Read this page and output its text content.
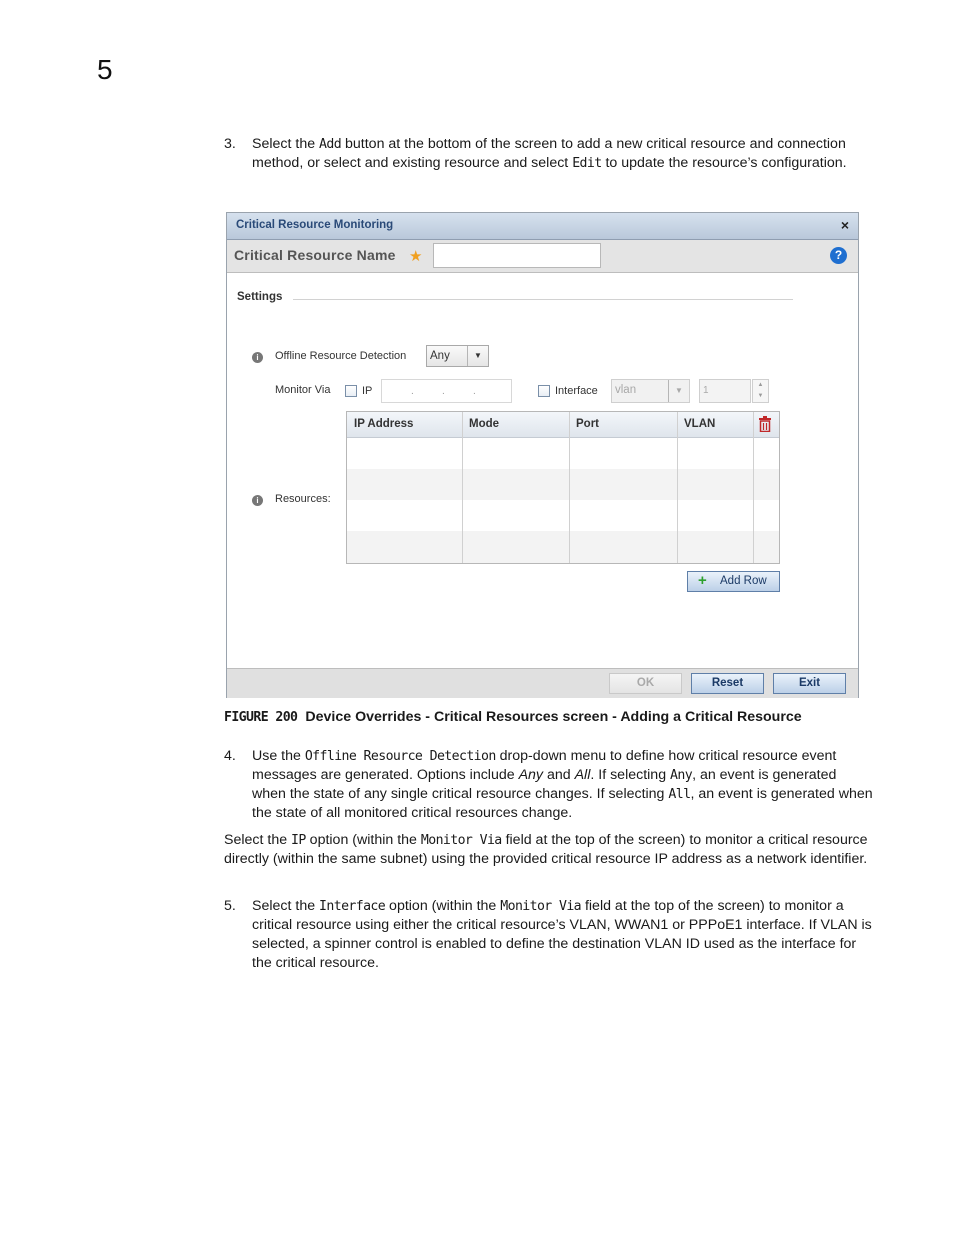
5
3. Select the Add button at the bottom of the screen to add a new critical resource and connection method, or select and existing resource and select Edit to update the resource’s configuration.
Critical Resource Monitoring	×
Critical Resource Name ★	?
Settings
i	Offline Resource Detection Any	▼
Monitor Via	IP	.	.	.	Interface vlan	▼	1	▲
▼
i	Resources:
IP Address	Mode	Port	VLAN
+ Add Row
OK	Reset	Exit
FIGURE 200 Device Overrides - Critical Resources screen - Adding a Critical Resource
4. Use the Offline Resource Detection drop-down menu to define how critical resource event messages are generated. Options include Any and All. If selecting Any, an event is generated when the state of any single critical resource changes. If selecting All, an event is generated when the state of all monitored critical resources change.
Select the IP option (within the Monitor Via field at the top of the screen) to monitor a critical resource directly (within the same subnet) using the provided critical resource IP address as a network identifier.
5. Select the Interface option (within the Monitor Via field at the top of the screen) to monitor a critical resource using either the critical resource’s VLAN, WWAN1 or PPPoE1 interface. If VLAN is selected, a spinner control is enabled to define the destination VLAN ID used as the interface for the critical resource.
